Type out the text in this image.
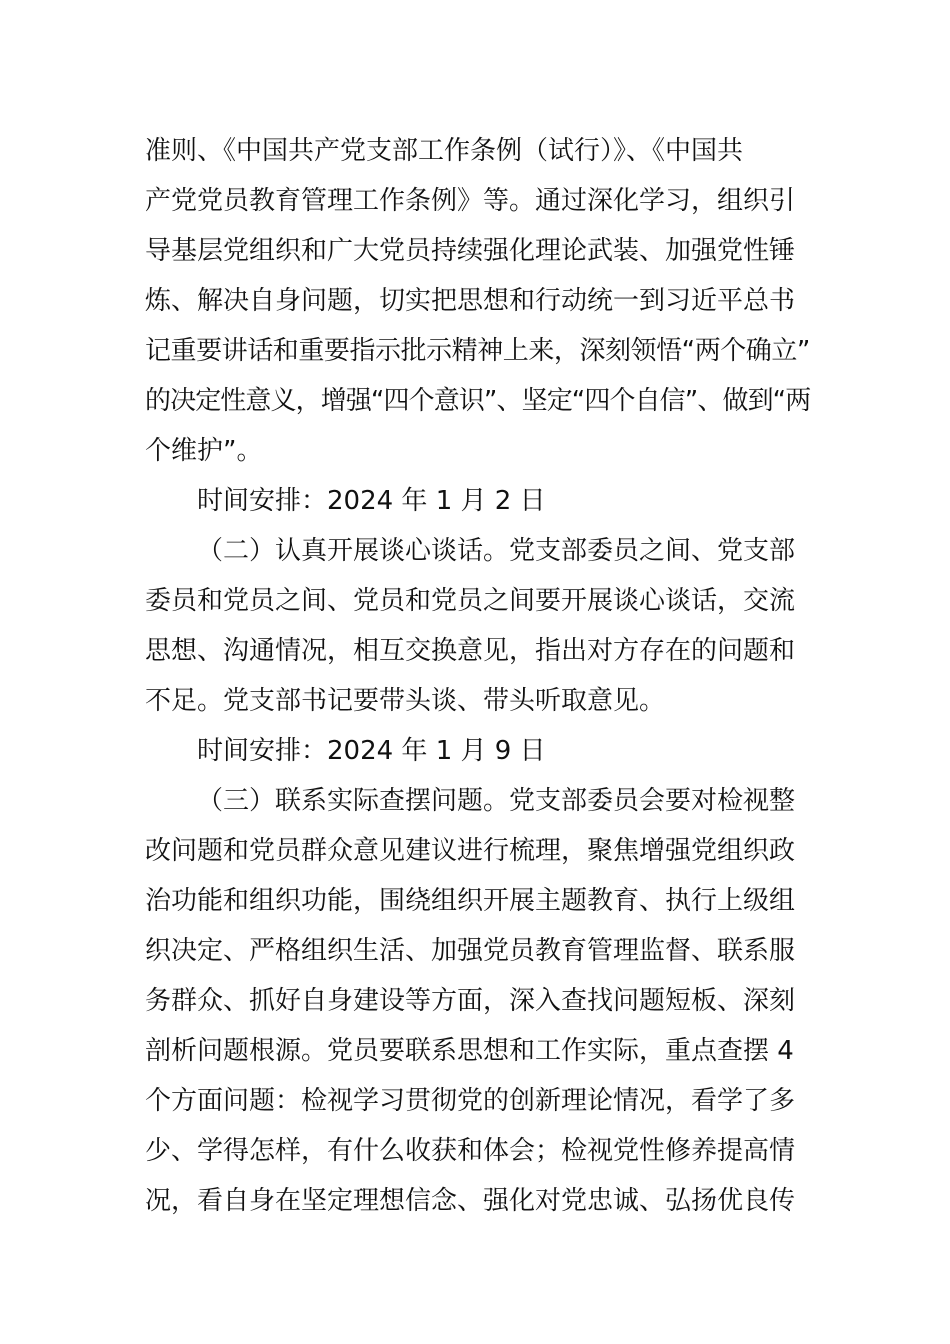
准则、《中国共产党支部工作条例（试行）》、《中国共
产党党员教育管理工作条例》等。通过深化学习，组织引
导基层党组织和广大党员持续强化理论武装、加强党性锤
炼、解决自身问题，切实把思想和行动统一到习近平总书
记重要讲话和重要指示批示精神上来，深刻领悟“两个确立”
的决定性意义，增强“四个意识”、坚定“四个自信”、做到“两
个维护”。
时间安排：2024 年 1 月 2 日
（二）认真开展谈心谈话。党支部委员之间、党支部
委员和党员之间、党员和党员之间要开展谈心谈话，交流
思想、沟通情况，相互交换意见，指出对方存在的问题和
不足。党支部书记要带头谈、带头听取意见。
时间安排：2024 年 1 月 9 日
（三）联系实际查摆问题。党支部委员会要对检视整
改问题和党员群众意见建议进行梳理，聚焦增强党组织政
治功能和组织功能，围绕组织开展主题教育、执行上级组
织决定、严格组织生活、加强党员教育管理监督、联系服
务群众、抓好自身建设等方面，深入查找问题短板、深刻
剖析问题根源。党员要联系思想和工作实际，重点查摆 4
个方面问题：检视学习贯彻党的创新理论情况，看学了多
少、学得怎样，有什么收获和体会；检视党性修养提高情
况，看自身在坚定理想信念、强化对党忠诚、弘扬优良传
